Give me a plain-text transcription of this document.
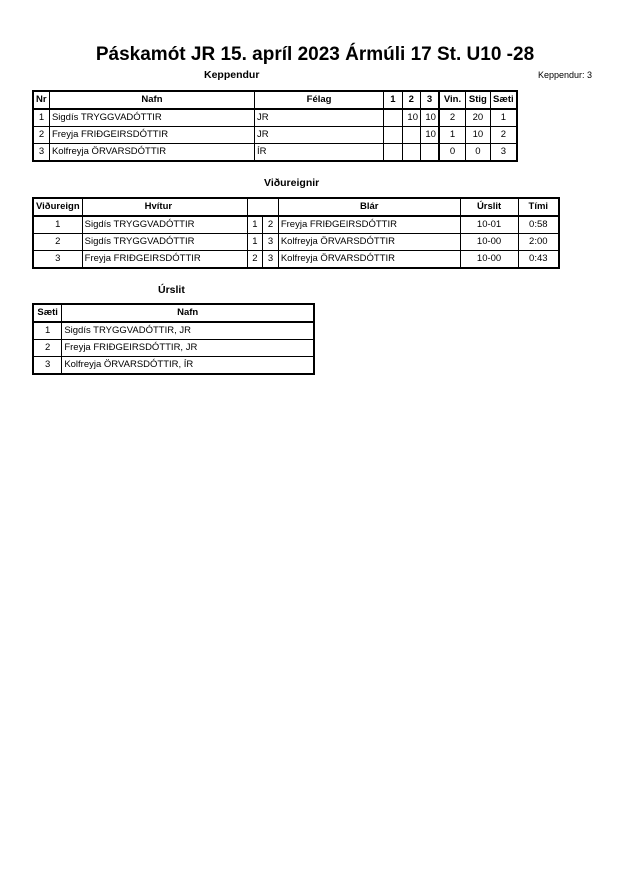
Páskamót JR 15. apríl 2023 Ármúli 17 St. U10 -28
Keppendur	Keppendur: 3
Nr	Nafn	Félag	1	2	3	Vin.	Stig	Sæti
1	Sigdís TRYGGVADÓTTIR	JR		10	10	2	20	1
2	Freyja FRIÐGEIRSDÓTTIR	JR			10	1	10	2
3	Kolfreyja ÖRVARSDÓTTIR	ÍR				0	0	3
Viðureignir
Viðureign	Hvítur			Blár	Úrslit	Tími
1	Sigdís TRYGGVADÓTTIR	1	2	Freyja FRIÐGEIRSDÓTTIR	10-01	0:58
2	Sigdís TRYGGVADÓTTIR	1	3	Kolfreyja ÖRVARSDÓTTIR	10-00	2:00
3	Freyja FRIÐGEIRSDÓTTIR	2	3	Kolfreyja ÖRVARSDÓTTIR	10-00	0:43
Úrslit
Sæti	Nafn
1	Sigdís TRYGGVADÓTTIR, JR
2	Freyja FRIÐGEIRSDÓTTIR, JR
3	Kolfreyja ÖRVARSDÓTTIR, ÍR
